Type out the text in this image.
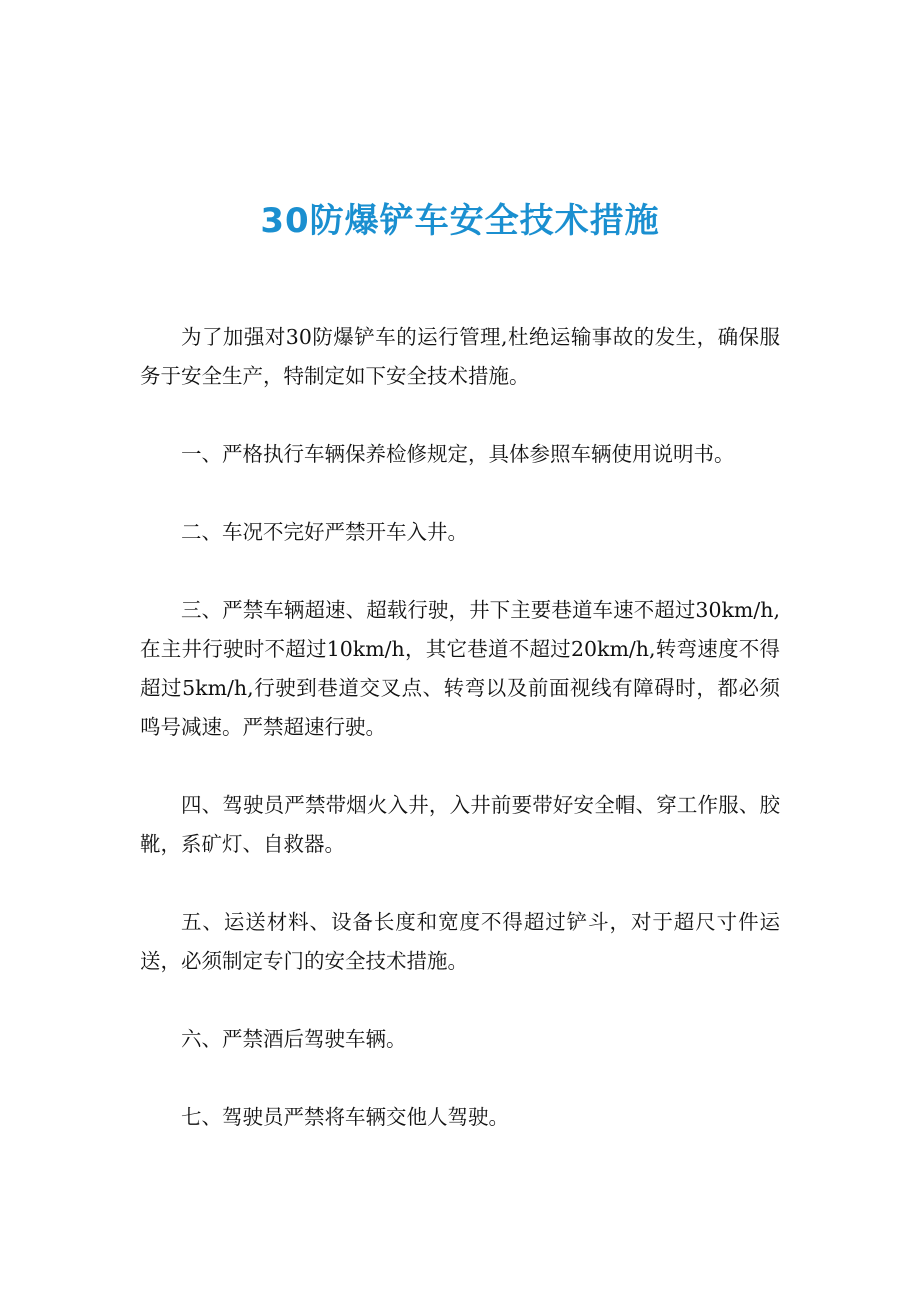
30防爆铲车安全技术措施

为了加强对30防爆铲车的运行管理,杜绝运输事故的发生，确保服务于安全生产，特制定如下安全技术措施。

一、严格执行车辆保养检修规定，具体参照车辆使用说明书。

二、车况不完好严禁开车入井。

三、严禁车辆超速、超载行驶，井下主要巷道车速不超过30km/h,在主井行驶时不超过10km/h，其它巷道不超过20km/h,转弯速度不得超过5km/h,行驶到巷道交叉点、转弯以及前面视线有障碍时，都必须鸣号减速。严禁超速行驶。

四、驾驶员严禁带烟火入井，入井前要带好安全帽、穿工作服、胶靴，系矿灯、自救器。

五、运送材料、设备长度和宽度不得超过铲斗，对于超尺寸件运送，必须制定专门的安全技术措施。

六、严禁酒后驾驶车辆。

七、驾驶员严禁将车辆交他人驾驶。
